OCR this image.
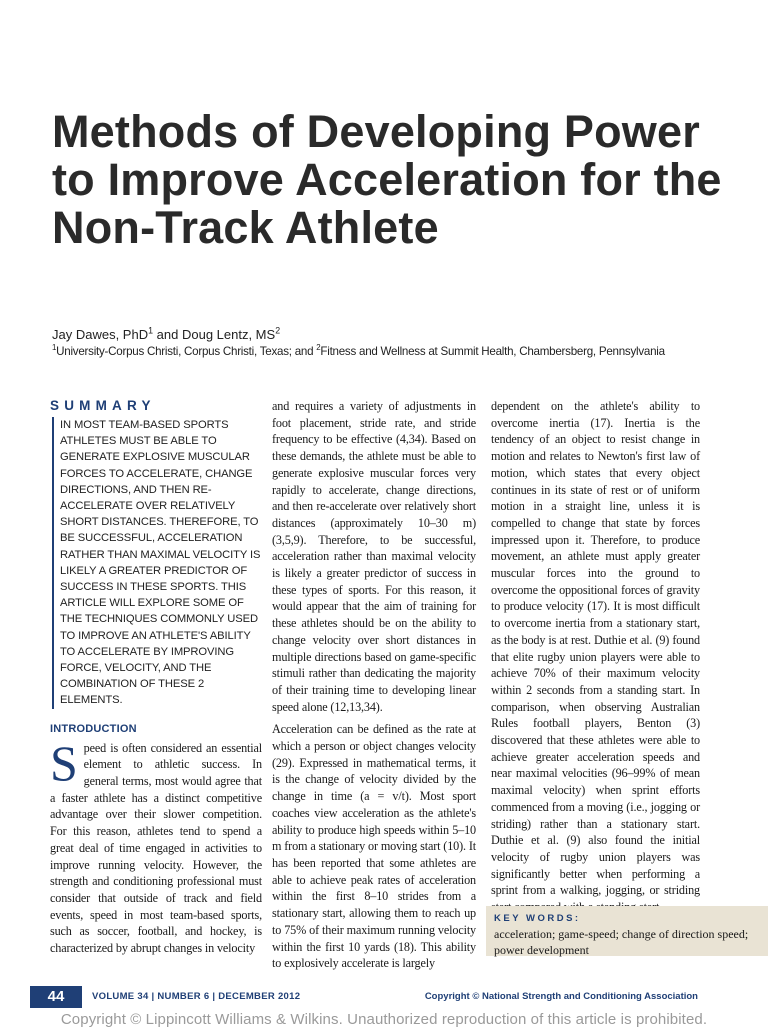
Methods of Developing Power to Improve Acceleration for the Non-Track Athlete
Jay Dawes, PhD$^1$ and Doug Lentz, $MS^2$
$^1$University-Corpus Christi, Corpus Christi, Texas; and $^2$Fitness and Wellness at Summit Health, Chambersberg, Pennsylvania
SUMMARY
IN MOST TEAM-BASED SPORTS ATHLETES MUST BE ABLE TO GENERATE EXPLOSIVE MUSCULAR FORCES TO ACCELERATE, CHANGE DIRECTIONS, AND THEN RE-ACCELERATE OVER RELATIVELY SHORT DISTANCES. THEREFORE, TO BE SUCCESSFUL, ACCELERATION RATHER THAN MAXIMAL VELOCITY IS LIKELY A GREATER PREDICTOR OF SUCCESS IN THESE SPORTS. THIS ARTICLE WILL EXPLORE SOME OF THE TECHNIQUES COMMONLY USED TO IMPROVE AN ATHLETE'S ABILITY TO ACCELERATE BY IMPROVING FORCE, VELOCITY, AND THE COMBINATION OF THESE 2 ELEMENTS.
INTRODUCTION
Speed is often considered an essential element to athletic success. In general terms, most would agree that a faster athlete has a distinct competitive advantage over their slower competition. For this reason, athletes tend to spend a great deal of time engaged in activities to improve running velocity. However, the strength and conditioning professional must consider that outside of track and field events, speed in most team-based sports, such as soccer, football, and hockey, is characterized by abrupt changes in velocity

and requires a variety of adjustments in foot placement, stride rate, and stride frequency to be effective (4,34). Based on these demands, the athlete must be able to generate explosive muscular forces very rapidly to accelerate, change directions, and then re-accelerate over relatively short distances (approximately 10–30 m) (3,5,9). Therefore, to be successful, acceleration rather than maximal velocity is likely a greater predictor of success in these types of sports. For this reason, it would appear that the aim of training for these athletes should be on the ability to change velocity over short distances in multiple directions based on game-specific stimuli rather than dedicating the majority of their training time to developing linear speed alone (12,13,34).

Acceleration can be defined as the rate at which a person or object changes velocity (29). Expressed in mathematical terms, it is the change of velocity divided by the change in time (a = v/t). Most sport coaches view acceleration as the athlete's ability to produce high speeds within 5–10 m from a stationary or moving start (10). It has been reported that some athletes are able to achieve peak rates of acceleration within the first 8–10 strides from a stationary start, allowing them to reach up to 75% of their maximum running velocity within the first 10 yards (18). This ability to explosively accelerate is largely

dependent on the athlete's ability to overcome inertia (17). Inertia is the tendency of an object to resist change in motion and relates to Newton's first law of motion, which states that every object continues in its state of rest or of uniform motion in a straight line, unless it is compelled to change that state by forces impressed upon it. Therefore, to produce movement, an athlete must apply greater muscular forces into the ground to overcome the oppositional forces of gravity to produce velocity (17). It is most difficult to overcome inertia from a stationary start, as the body is at rest. Duthie et al. (9) found that elite rugby union players were able to achieve 70% of their maximum velocity within 2 seconds from a standing start. In comparison, when observing Australian Rules football players, Benton (3) discovered that these athletes were able to achieve greater acceleration speeds and near maximal velocities (96–99% of mean maximal velocity) when sprint efforts commenced from a moving (i.e., jogging or striding) rather than a stationary start. Duthie et al. (9) also found the initial velocity of rugby union players was significantly better when performing a sprint from a walking, jogging, or striding

KEY WORDS:
acceleration; game-speed; change of direction speed; power development
44	VOLUME 34 | NUMBER 6 | DECEMBER 2012	Copyright © National Strength and Conditioning Association
Copyright © Lippincott Williams & Wilkins. Unauthorized reproduction of this article is prohibited.
